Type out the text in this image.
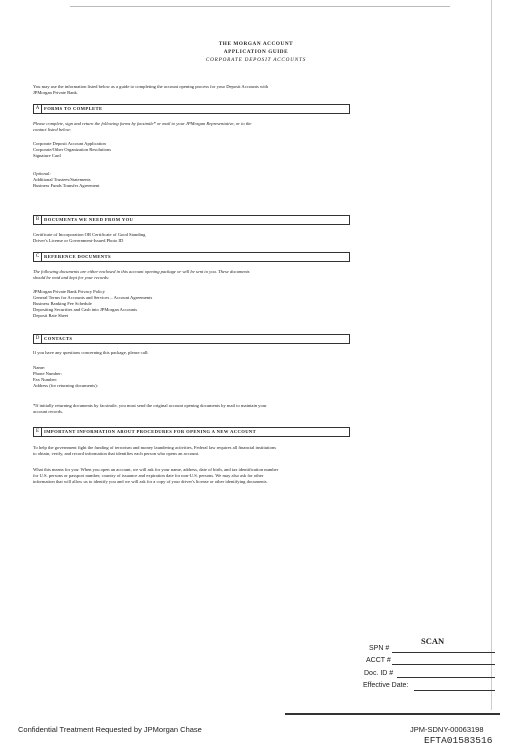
THE MORGAN ACCOUNT
APPLICATION GUIDE
CORPORATE DEPOSIT ACCOUNTS
You may use the information listed below as a guide to completing the account opening process for your Deposit Accounts with
JPMorgan Private Bank.
A	FORMS TO COMPLETE
Please complete, sign and return the following forms by facsimile* or mail to your JPMorgan Representative, or to the
contact listed below:
Corporate Deposit Account Application
Corporate/Other Organization Resolutions
Signature Card
Optional:
Additional Trustees/Statements
Business Funds Transfer Agreement
B	DOCUMENTS WE NEED FROM YOU
Certificate of Incorporation OR Certificate of Good Standing
Driver's License or Government-Issued Photo ID
C	REFERENCE DOCUMENTS
The following documents are either enclosed in this account opening package or will be sent to you. These documents
should be read and kept for your records:
JPMorgan Private Bank Privacy Policy
General Terms for Accounts and Services – Account Agreements
Business Banking Fee Schedule
Depositing Securities and Cash into JPMorgan Accounts
Deposit Rate Sheet
D	CONTACTS
If you have any questions concerning this package, please call:
Name:
Phone Number:
Fax Number:
Address (for returning documents):
*If initially returning documents by facsimile, you must send the original account opening documents by mail to maintain your
account records.
E	IMPORTANT INFORMATION ABOUT PROCEDURES FOR OPENING A NEW ACCOUNT
To help the government fight the funding of terrorism and money laundering activities, Federal law requires all financial institutions
to obtain, verify, and record information that identifies each person who opens an account.
What this means for you: When you open an account, we will ask for your name, address, date of birth, and tax identification number
for U.S. persons or passport number, country of issuance and expiration date for non-U.S. persons. We may also ask for other
information that will allow us to identify you and we will ask for a copy of your driver's license or other identifying documents.
SCAN
SPN #
ACCT #
Doc. ID #
Effective Date:
Confidential Treatment Requested by JPMorgan Chase	JPM-SDNY-00063198
EFTA01583516
